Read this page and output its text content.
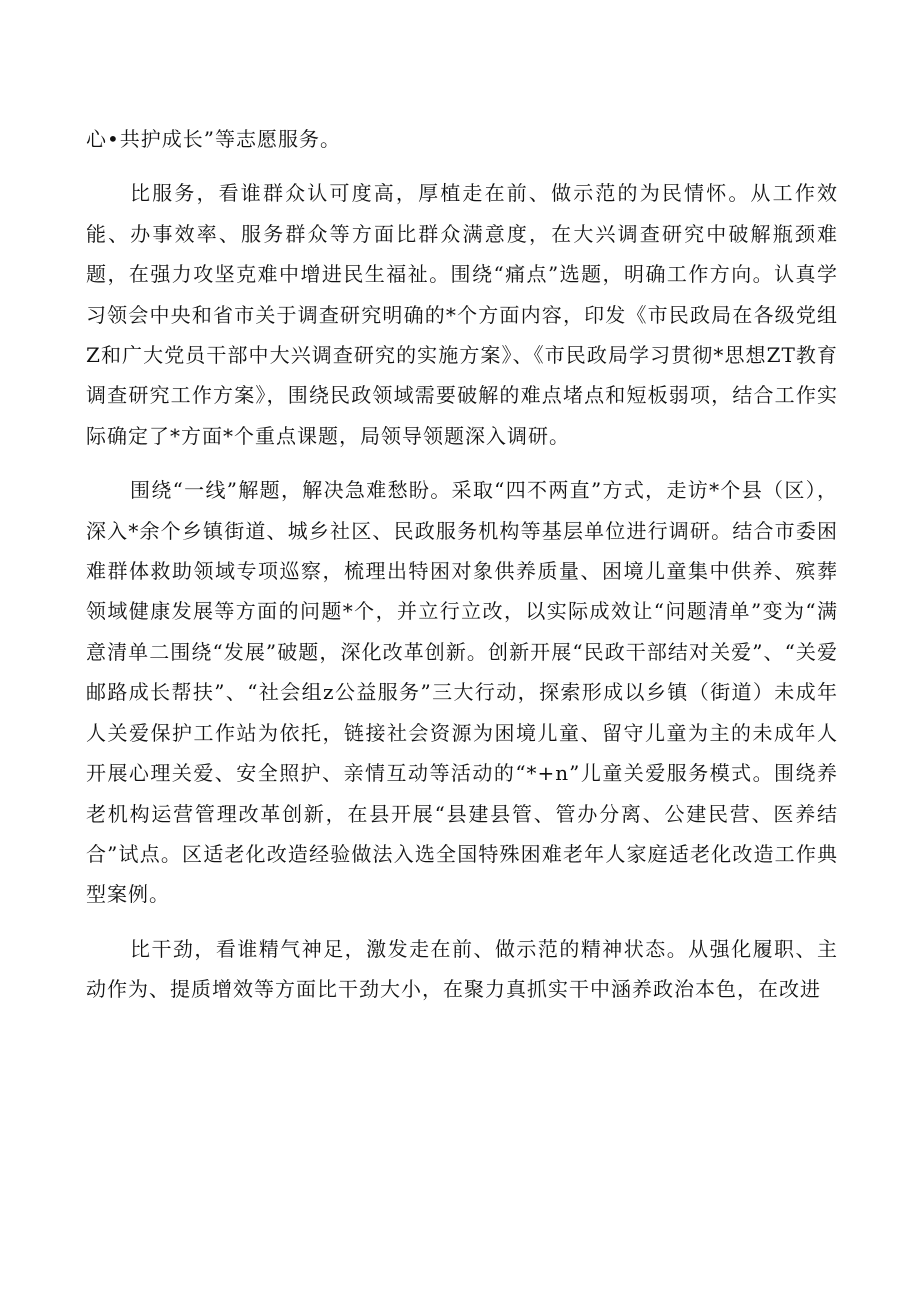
心•共护成长”等志愿服务。

比服务，看谁群众认可度高，厚植走在前、做示范的为民情怀。从工作效能、办事效率、服务群众等方面比群众满意度，在大兴调查研究中破解瓶颈难题，在强力攻坚克难中增进民生福祉。围绕“痛点”选题，明确工作方向。认真学习领会中央和省市关于调查研究明确的*个方面内容，印发《市民政局在各级党组Z和广大党员干部中大兴调查研究的实施方案》、《市民政局学习贯彻*思想ZT教育调查研究工作方案》，围绕民政领域需要破解的难点堵点和短板弱项，结合工作实际确定了*方面*个重点课题，局领导领题深入调研。

围绕“一线”解题，解决急难愁盼。采取“四不两直”方式，走访*个县（区），深入*余个乡镇街道、城乡社区、民政服务机构等基层单位进行调研。结合市委困难群体救助领域专项巡察，梳理出特困对象供养质量、困境儿童集中供养、殡葬领域健康发展等方面的问题*个，并立行立改，以实际成效让“问题清单”变为“满意清单二围绕“发展”破题，深化改革创新。创新开展“民政干部结对关爱”、“关爱邮路成长帮扶”、“社会组z公益服务”三大行动，探索形成以乡镇（街道）未成年人关爱保护工作站为依托，链接社会资源为困境儿童、留守儿童为主的未成年人开展心理关爱、安全照护、亲情互动等活动的“*+n”儿童关爱服务模式。围绕养老机构运营管理改革创新，在县开展“县建县管、管办分离、公建民营、医养结合”试点。区适老化改造经验做法入选全国特殊困难老年人家庭适老化改造工作典型案例。

比干劲，看谁精气神足，激发走在前、做示范的精神状态。从强化履职、主动作为、提质增效等方面比干劲大小，在聚力真抓实干中涵养政治本色，在改进
